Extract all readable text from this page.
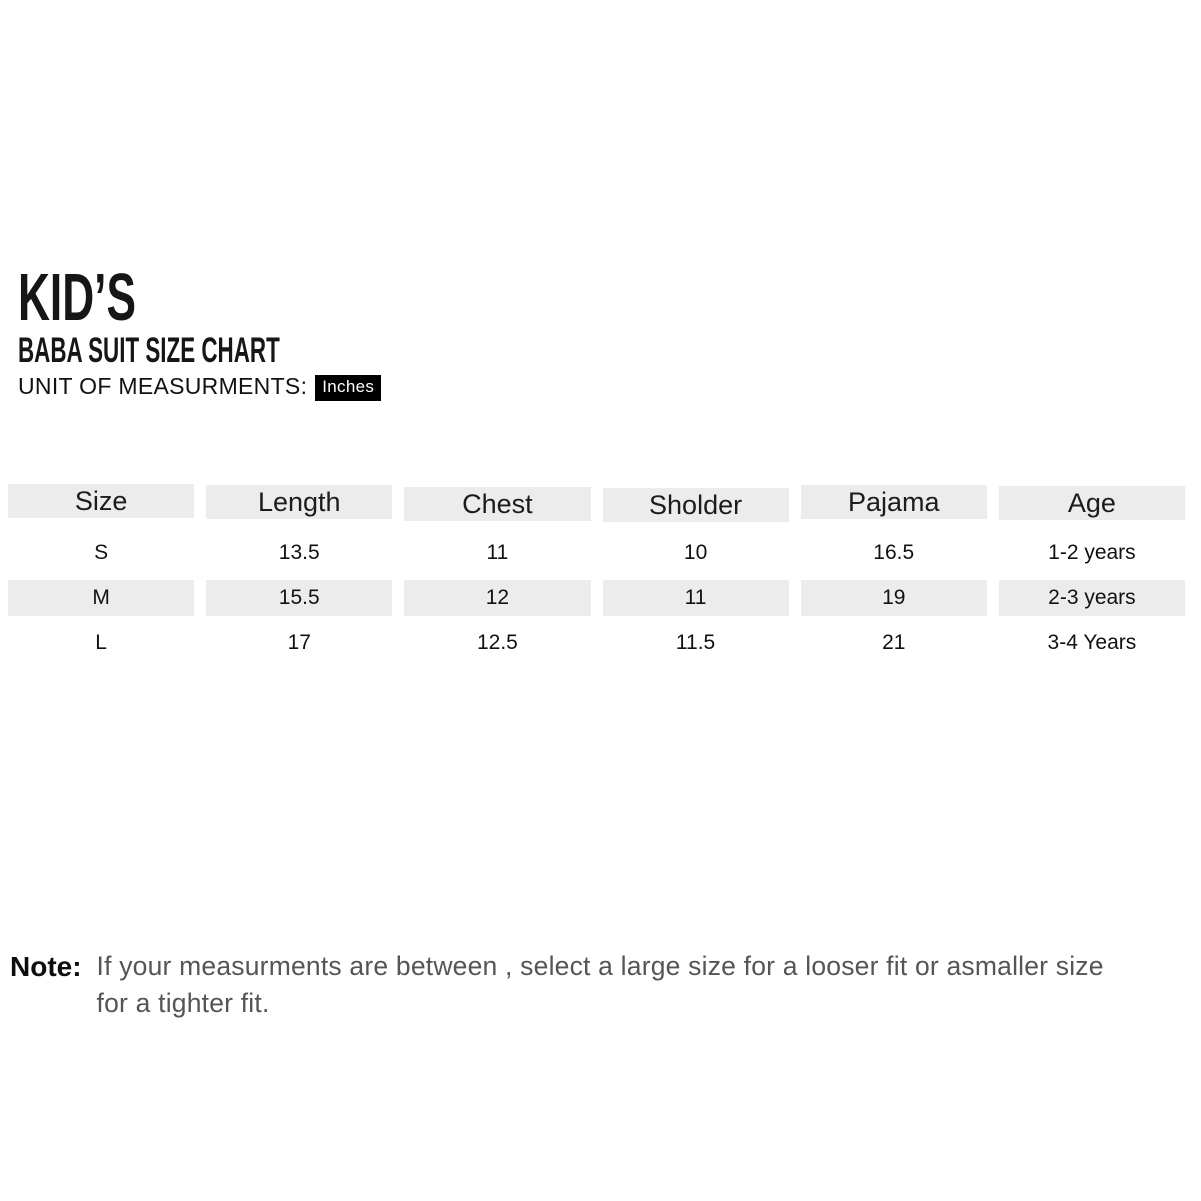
KID’S
BABA SUIT SIZE CHART
UNIT OF MEASURMENTS: Inches
Size	Length	Chest	Sholder	Pajama	Age
S	13.5	11	10	16.5	1-2 years
M	15.5	12	11	19	2-3 years
L	17	12.5	11.5	21	3-4 Years
Note: If your measurments are between , select a large size for a looser fit or asmaller size
for a tighter fit.
